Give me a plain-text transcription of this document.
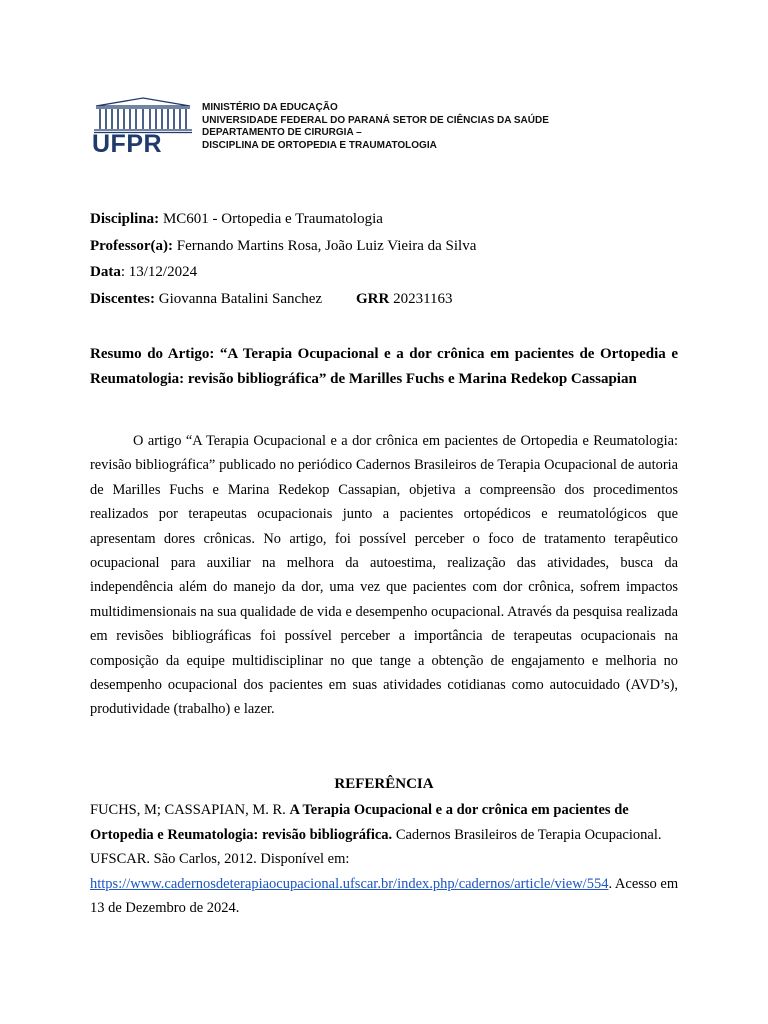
UFPR
MINISTÉRIO DA EDUCAÇÃO
UNIVERSIDADE FEDERAL DO PARANÁ SETOR DE CIÊNCIAS DA SAÚDE
DEPARTAMENTO DE CIRURGIA –
DISCIPLINA DE ORTOPEDIA E TRAUMATOLOGIA
Disciplina: MC601 - Ortopedia e Traumatologia
Professor(a): Fernando Martins Rosa, João Luiz Vieira da Silva
Data: 13/12/2024
Discentes: Giovanna Batalini Sanchez GRR 20231163
Resumo do Artigo: “A Terapia Ocupacional e a dor crônica em pacientes de Ortopedia e Reumatologia: revisão bibliográfica” de Marilles Fuchs e Marina Redekop Cassapian
O artigo “A Terapia Ocupacional e a dor crônica em pacientes de Ortopedia e Reumatologia: revisão bibliográfica” publicado no periódico Cadernos Brasileiros de Terapia Ocupacional de autoria de Marilles Fuchs e Marina Redekop Cassapian, objetiva a compreensão dos procedimentos realizados por terapeutas ocupacionais junto a pacientes ortopédicos e reumatológicos que apresentam dores crônicas. No artigo, foi possível perceber o foco de tratamento terapêutico ocupacional para auxiliar na melhora da autoestima, realização das atividades, busca da independência além do manejo da dor, uma vez que pacientes com dor crônica, sofrem impactos multidimensionais na sua qualidade de vida e desempenho ocupacional. Através da pesquisa realizada em revisões bibliográficas foi possível perceber a importância de terapeutas ocupacionais na composição da equipe multidisciplinar no que tange a obtenção de engajamento e melhoria no desempenho ocupacional dos pacientes em suas atividades cotidianas como autocuidado (AVD’s), produtividade (trabalho) e lazer.
REFERÊNCIA
FUCHS, M; CASSAPIAN, M. R. A Terapia Ocupacional e a dor crônica em pacientes de Ortopedia e Reumatologia: revisão bibliográfica. Cadernos Brasileiros de Terapia Ocupacional. UFSCAR. São Carlos, 2012. Disponível em: https://www.cadernosdeterapiaocupacional.ufscar.br/index.php/cadernos/article/view/554. Acesso em 13 de Dezembro de 2024.
